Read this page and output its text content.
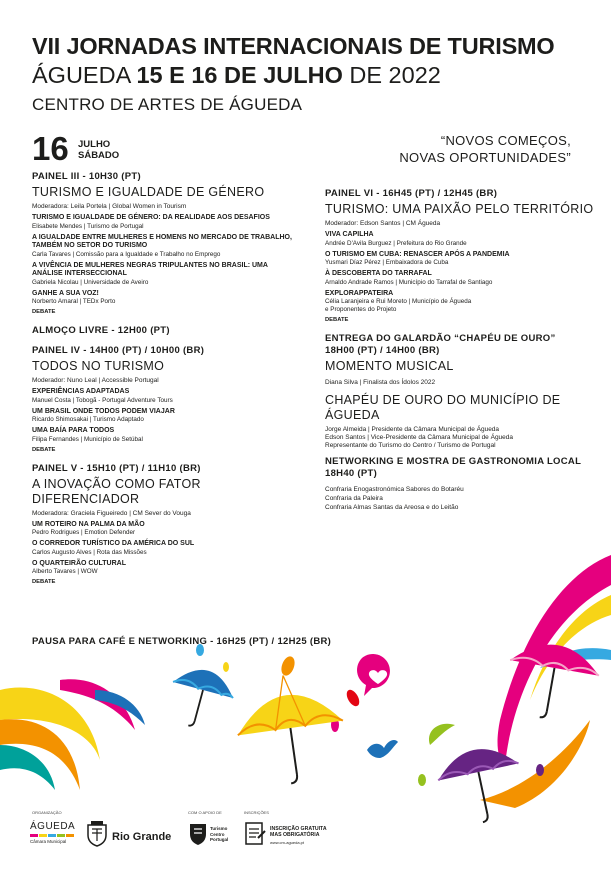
VII JORNADAS INTERNACIONAIS DE TURISMO
ÁGUEDA 15 E 16 DE JULHO DE 2022
CENTRO DE ARTES DE ÁGUEDA
16 JULHO
SÁBADO
“NOVOS COMEÇOS,
NOVAS OPORTUNIDADES”
PAINEL III - 10H30 (PT)
TURISMO E IGUALDADE DE GÉNERO
Moderadora: Leila Portela | Global Women in Tourism
TURISMO E IGUALDADE DE GÉNERO: DA REALIDADE AOS DESAFIOS
Elisabete Mendes | Turismo de Portugal
A IGUALDADE ENTRE MULHERES E HOMENS NO MERCADO DE TRABALHO,
TAMBÉM NO SETOR DO TURISMO
Carla Tavares | Comissão para a Igualdade e Trabalho no Emprego
A VIVÊNCIA DE MULHERES NEGRAS TRIPULANTES NO BRASIL: UMA
ANÁLISE INTERSECCIONAL
Gabriela Nicolau | Universidade de Aveiro
GANHE A SUA VOZ!
Norberto Amaral | TEDx Porto
DEBATE
ALMOÇO LIVRE - 12H00 (PT)
PAINEL IV - 14H00 (PT) / 10H00 (BR)
TODOS NO TURISMO
Moderador: Nuno Leal | Accessible Portugal
EXPERIÊNCIAS ADAPTADAS
Manuel Costa | Tobogã - Portugal Adventure Tours
UM BRASIL ONDE TODOS PODEM VIAJAR
Ricardo Shimosakai | Turismo Adaptado
UMA BAÍA PARA TODOS
Filipa Fernandes | Município de Setúbal
DEBATE
PAINEL V - 15H10 (PT) / 11H10 (BR)
A INOVAÇÃO COMO FATOR DIFERENCIADOR
Moderadora: Graciela Figueiredo | CM Sever do Vouga
UM ROTEIRO NA PALMA DA MÃO
Pedro Rodrigues | Emotion Defender
O CORREDOR TURÍSTICO DA AMÉRICA DO SUL
Carlos Augusto Alves | Rota das Missões
O QUARTEIRÃO CULTURAL
Alberto Tavares | WOW
DEBATE
PAUSA PARA CAFÉ E NETWORKING - 16H25 (PT) / 12H25 (BR)
PAINEL VI - 16H45 (PT) / 12H45 (BR)
TURISMO: UMA PAIXÃO PELO TERRITÓRIO
Moderador: Edson Santos | CM Águeda
VIVA CAPILHA
Andrée D'Avila Burguez | Prefeitura do Rio Grande
O TURISMO EM CUBA: RENASCER APÓS A PANDEMIA
Yusmari Díaz Pérez | Embaixadora de Cuba
À DESCOBERTA DO TARRAFAL
Arnaldo Andrade Ramos | Município do Tarrafal de Santiago
EXPLORAPPATEIRA
Célia Laranjeira e Rui Moreto | Município de Águeda
e Proponentes do Projeto
DEBATE
ENTREGA DO GALARDÃO “CHAPÉU DE OURO”
18H00 (PT) / 14H00 (BR)
MOMENTO MUSICAL
Diana Silva | Finalista dos Ídolos 2022
CHAPÉU DE OURO DO MUNICÍPIO DE ÁGUEDA
Jorge Almeida | Presidente da Câmara Municipal de Águeda
Edson Santos | Vice-Presidente da Câmara Municipal de Águeda
Representante do Turismo do Centro / Turismo de Portugal
NETWORKING E MOSTRA DE GASTRONOMIA LOCAL
18H40 (PT)
Confraria Enogastronómica Sabores do Botaréu
Confraria da Paleira
Confraria Almas Santas da Areosa e do Leitão
ORGANIZAÇÃO	COM O APOIO DE	INSCRIÇÕES
ÁGUEDA
Câmara Municipal	Rio Grande
Turismo Centro Portugal
INSCRIÇÃO GRATUITA
MAS OBRIGATÓRIA
www.cm-agueda.pt
